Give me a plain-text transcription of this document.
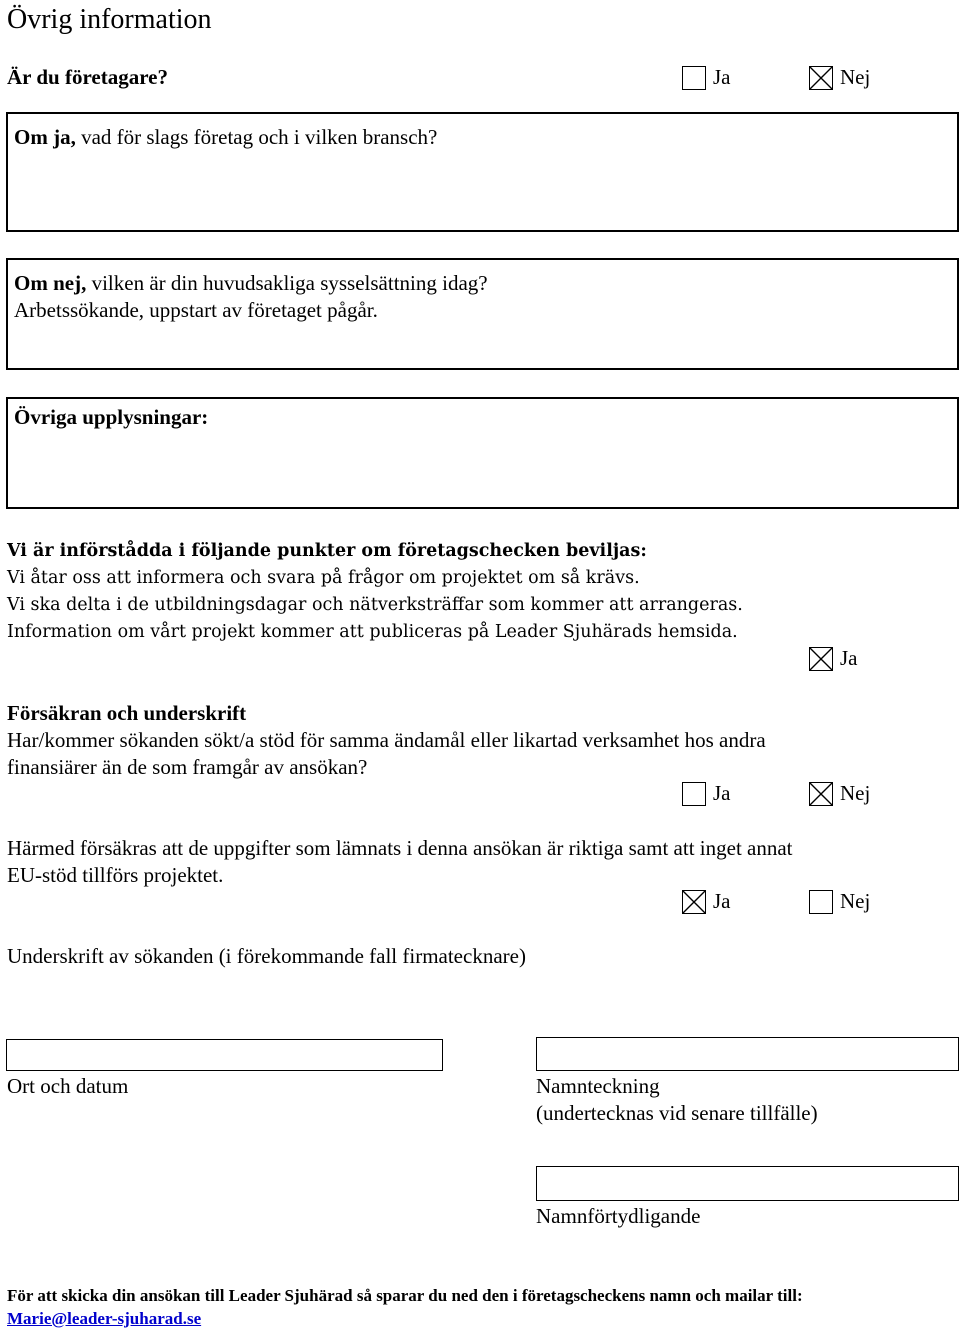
Övrig information
Är du företagare?	Ja	Nej
Om ja, vad för slags företag och i vilken bransch?
Om nej, vilken är din huvudsakliga sysselsättning idag?
Arbetssökande, uppstart av företaget pågår.
Övriga upplysningar:
Vi är införstådda i följande punkter om företagschecken beviljas:
Vi åtar oss att informera och svara på frågor om projektet om så krävs.
Vi ska delta i de utbildningsdagar och nätverksträffar som kommer att arrangeras.
Information om vårt projekt kommer att publiceras på Leader Sjuhärads hemsida.
Ja
Försäkran och underskrift
Har/kommer sökanden sökt/a stöd för samma ändamål eller likartad verksamhet hos andra
finansiärer än de som framgår av ansökan?
Ja	Nej
Härmed försäkras att de uppgifter som lämnats i denna ansökan är riktiga samt att inget annat
EU-stöd tillförs projektet.
Ja	Nej
Underskrift av sökanden (i förekommande fall firmatecknare)
Ort och datum	Namnteckning
(undertecknas vid senare tillfälle)
Namnförtydligande
För att skicka din ansökan till Leader Sjuhärad så sparar du ned den i företagscheckens namn och mailar till:
Marie@leader-sjuharad.se
